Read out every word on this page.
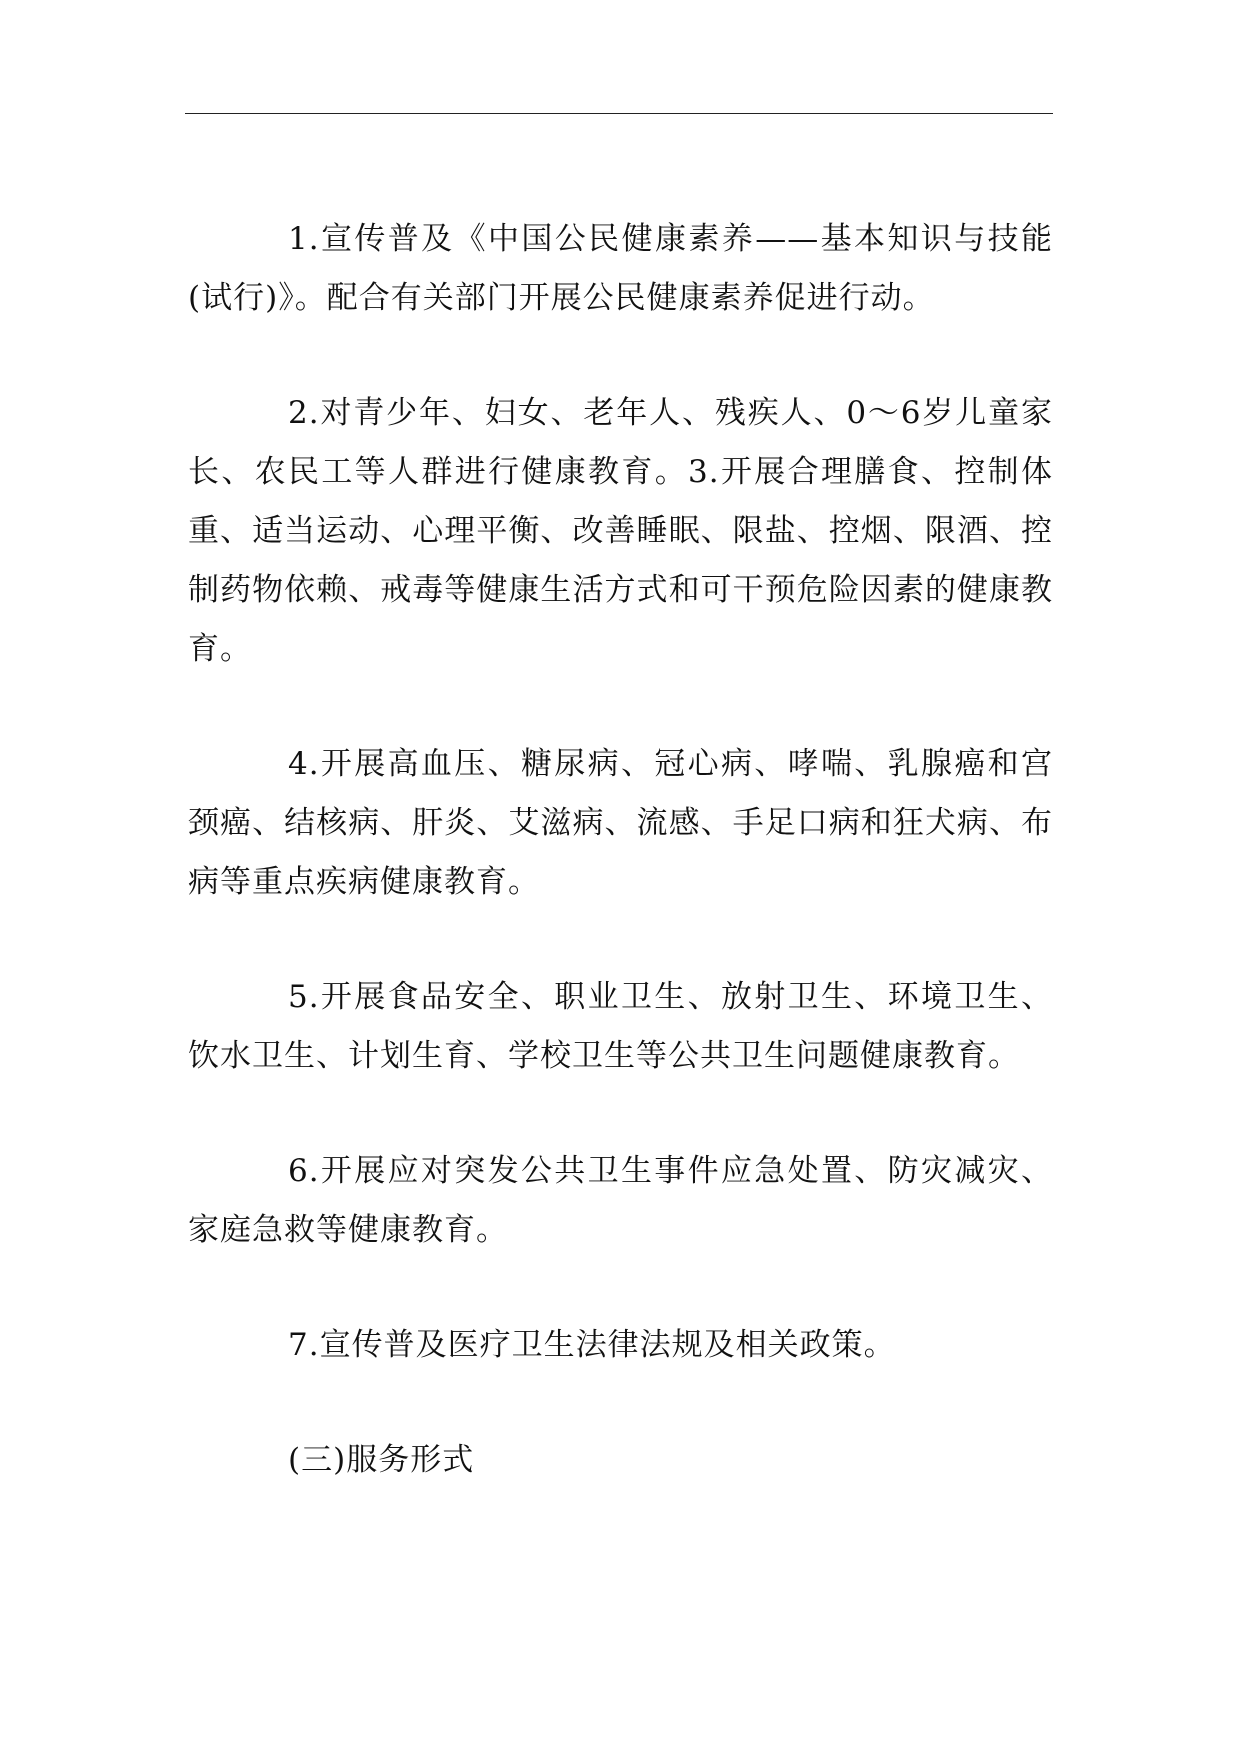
1.宣传普及《中国公民健康素养——基本知识与技能(试行)》。配合有关部门开展公民健康素养促进行动。

2.对青少年、妇女、老年人、残疾人、0～6岁儿童家长、农民工等人群进行健康教育。3.开展合理膳食、控制体重、适当运动、心理平衡、改善睡眠、限盐、控烟、限酒、控制药物依赖、戒毒等健康生活方式和可干预危险因素的健康教育。

4.开展高血压、糖尿病、冠心病、哮喘、乳腺癌和宫颈癌、结核病、肝炎、艾滋病、流感、手足口病和狂犬病、布病等重点疾病健康教育。

5.开展食品安全、职业卫生、放射卫生、环境卫生、饮水卫生、计划生育、学校卫生等公共卫生问题健康教育。

6.开展应对突发公共卫生事件应急处置、防灾减灾、家庭急救等健康教育。

7.宣传普及医疗卫生法律法规及相关政策。

(三)服务形式
